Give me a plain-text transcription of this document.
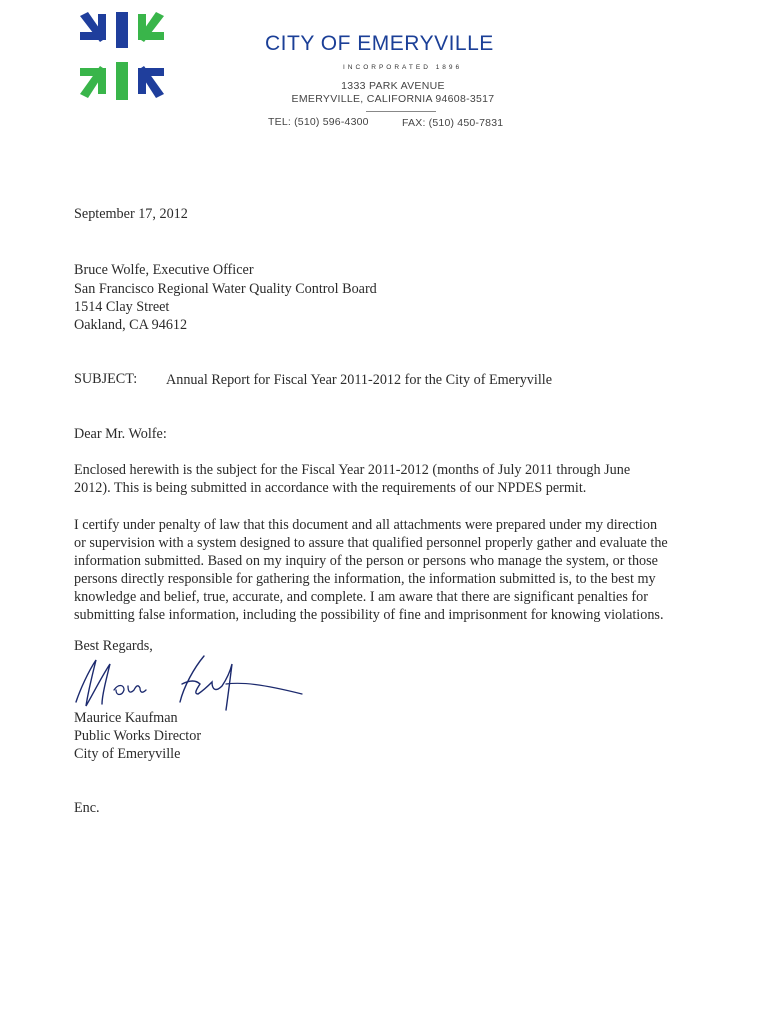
CITY OF EMERYVILLE
INCORPORATED 1896
1333 PARK AVENUE
EMERYVILLE, CALIFORNIA 94608-3517
TEL: (510) 596-4300	FAX: (510) 450-7831
September 17, 2012
Bruce Wolfe, Executive Officer
San Francisco Regional Water Quality Control Board
1514 Clay Street
Oakland, CA 94612
SUBJECT: Annual Report for Fiscal Year 2011-2012 for the City of Emeryville
Dear Mr. Wolfe:
Enclosed herewith is the subject for the Fiscal Year 2011-2012 (months of July 2011 through June
2012). This is being submitted in accordance with the requirements of our NPDES permit.
I certify under penalty of law that this document and all attachments were prepared under my direction
or supervision with a system designed to assure that qualified personnel properly gather and evaluate the
information submitted. Based on my inquiry of the person or persons who manage the system, or those
persons directly responsible for gathering the information, the information submitted is, to the best my
knowledge and belief, true, accurate, and complete. I am aware that there are significant penalties for
submitting false information, including the possibility of fine and imprisonment for knowing violations.
Best Regards,
Maurice Kaufman
Public Works Director
City of Emeryville
Enc.
